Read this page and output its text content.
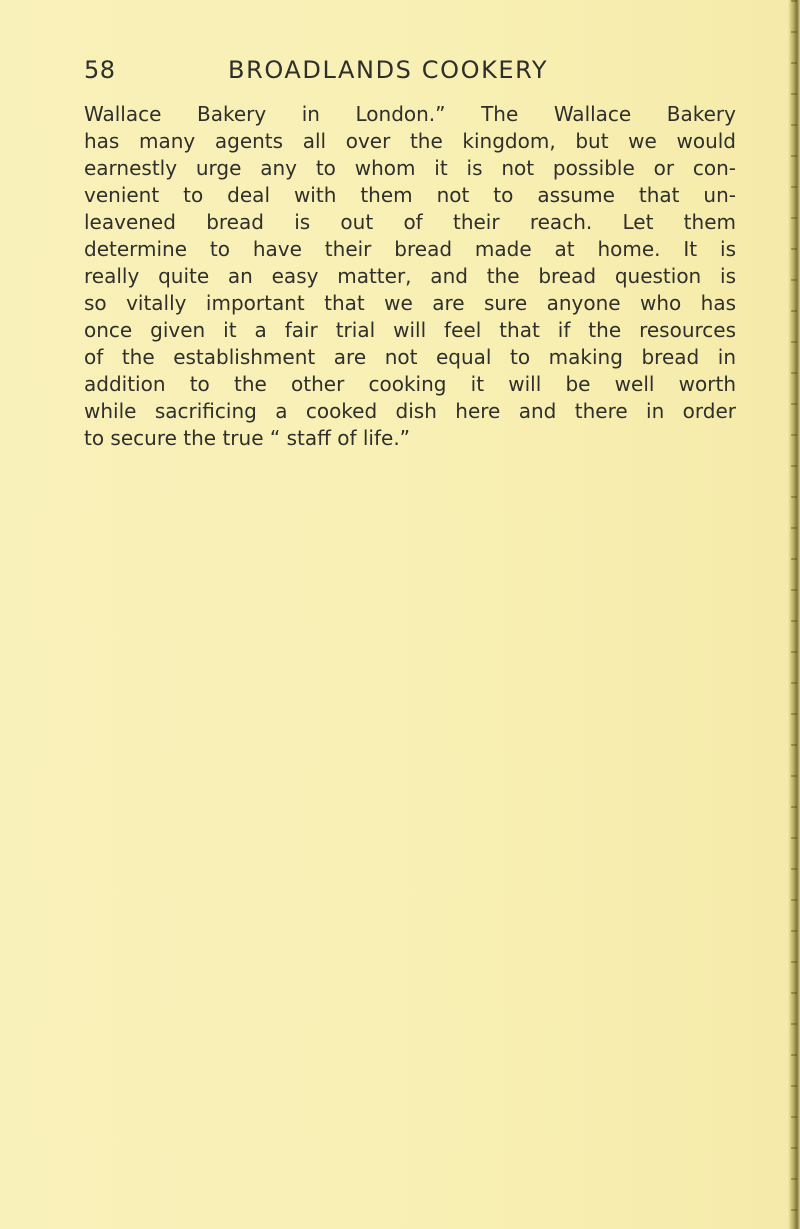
58	BROADLANDS COOKERY
Wallace Bakery in London.” The Wallace Bakery
has many agents all over the kingdom, but we would
earnestly urge any to whom it is not possible or con-
venient to deal with them not to assume that un-
leavened bread is out of their reach. Let them
determine to have their bread made at home. It is
really quite an easy matter, and the bread question is
so vitally important that we are sure anyone who has
once given it a fair trial will feel that if the resources
of the establishment are not equal to making bread in
addition to the other cooking it will be well worth
while sacrificing a cooked dish here and there in order
to secure the true “ staff of life.”
